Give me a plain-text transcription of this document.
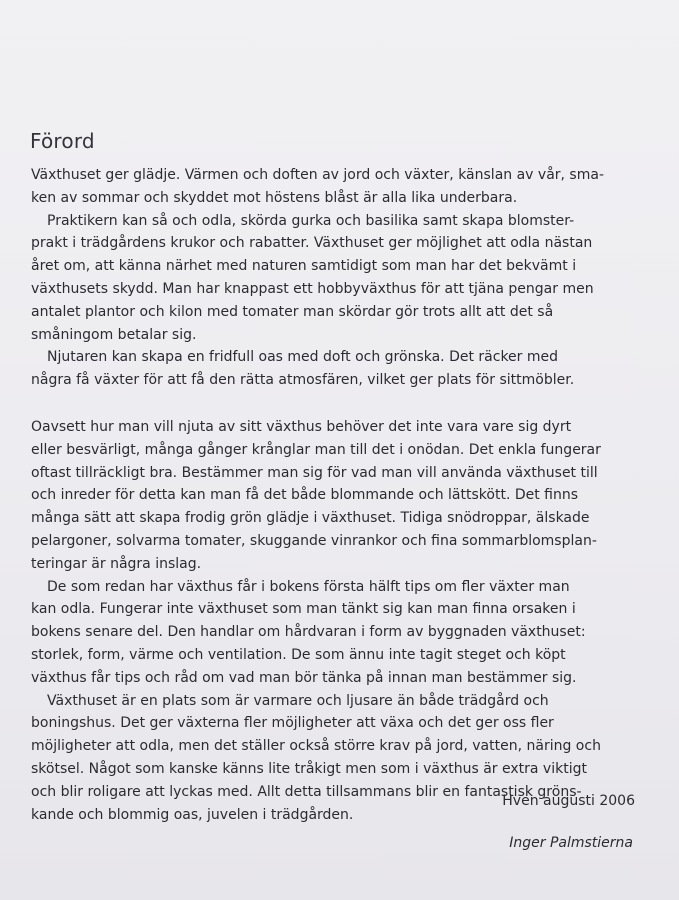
Förord
Växthuset ger glädje. Värmen och doften av jord och växter, känslan av vår, sma-
ken av sommar och skyddet mot höstens blåst är alla lika underbara.
Praktikern kan så och odla, skörda gurka och basilika samt skapa blomster-
prakt i trädgårdens krukor och rabatter. Växthuset ger möjlighet att odla nästan
året om, att känna närhet med naturen samtidigt som man har det bekvämt i
växthusets skydd. Man har knappast ett hobbyväxthus för att tjäna pengar men
antalet plantor och kilon med tomater man skördar gör trots allt att det så
småningom betalar sig.
Njutaren kan skapa en fridfull oas med doft och grönska. Det räcker med
några få växter för att få den rätta atmosfären, vilket ger plats för sittmöbler.
Oavsett hur man vill njuta av sitt växthus behöver det inte vara vare sig dyrt
eller besvärligt, många gånger krånglar man till det i onödan. Det enkla fungerar
oftast tillräckligt bra. Bestämmer man sig för vad man vill använda växthuset till
och inreder för detta kan man få det både blommande och lättskött. Det finns
många sätt att skapa frodig grön glädje i växthuset. Tidiga snödroppar, älskade
pelargoner, solvarma tomater, skuggande vinrankor och fina sommarblomsplan-
teringar är några inslag.
De som redan har växthus får i bokens första hälft tips om fler växter man
kan odla. Fungerar inte växthuset som man tänkt sig kan man finna orsaken i
bokens senare del. Den handlar om hårdvaran i form av byggnaden växthuset:
storlek, form, värme och ventilation. De som ännu inte tagit steget och köpt
växthus får tips och råd om vad man bör tänka på innan man bestämmer sig.
Växthuset är en plats som är varmare och ljusare än både trädgård och
boningshus. Det ger växterna fler möjligheter att växa och det ger oss fler
möjligheter att odla, men det ställer också större krav på jord, vatten, näring och
skötsel. Något som kanske känns lite tråkigt men som i växthus är extra viktigt
och blir roligare att lyckas med. Allt detta tillsammans blir en fantastisk gröns-
kande och blommig oas, juvelen i trädgården.
Hven augusti 2006
Inger Palmstierna
